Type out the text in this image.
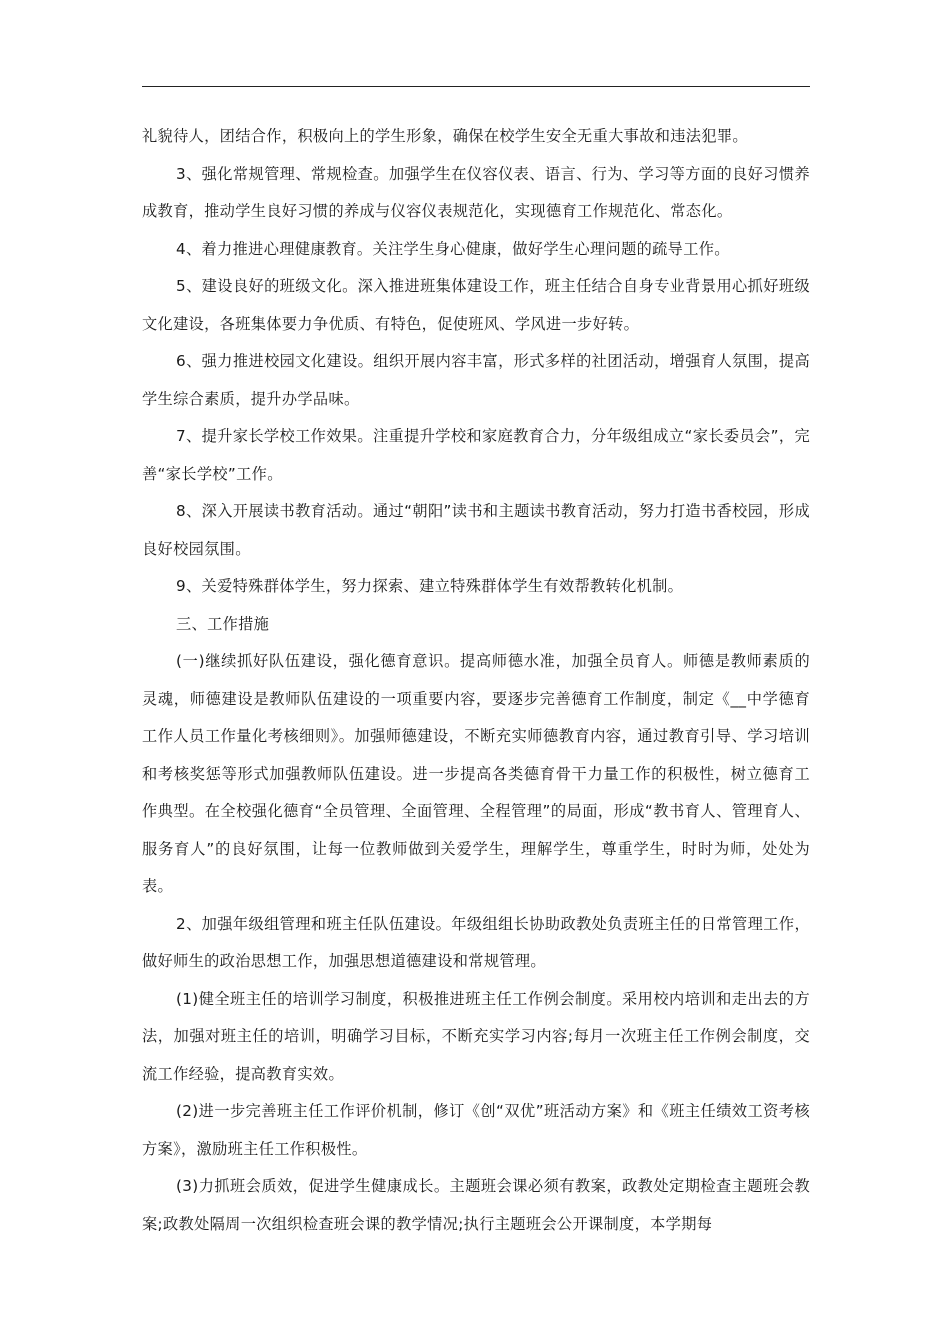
礼貌待人，团结合作，积极向上的学生形象，确保在校学生安全无重大事故和违法犯罪。

3、强化常规管理、常规检查。加强学生在仪容仪表、语言、行为、学习等方面的良好习惯养成教育，推动学生良好习惯的养成与仪容仪表规范化，实现德育工作规范化、常态化。

4、着力推进心理健康教育。关注学生身心健康，做好学生心理问题的疏导工作。

5、建设良好的班级文化。深入推进班集体建设工作，班主任结合自身专业背景用心抓好班级文化建设，各班集体要力争优质、有特色，促使班风、学风进一步好转。

6、强力推进校园文化建设。组织开展内容丰富，形式多样的社团活动，增强育人氛围，提高学生综合素质，提升办学品味。

7、提升家长学校工作效果。注重提升学校和家庭教育合力，分年级组成立“家长委员会”，完善“家长学校”工作。

8、深入开展读书教育活动。通过“朝阳”读书和主题读书教育活动，努力打造书香校园，形成良好校园氛围。

9、关爱特殊群体学生，努力探索、建立特殊群体学生有效帮教转化机制。

三、工作措施

(一)继续抓好队伍建设，强化德育意识。提高师德水准，加强全员育人。师德是教师素质的灵魂，师德建设是教师队伍建设的一项重要内容，要逐步完善德育工作制度，制定《__中学德育工作人员工作量化考核细则》。加强师德建设，不断充实师德教育内容，通过教育引导、学习培训和考核奖惩等形式加强教师队伍建设。进一步提高各类德育骨干力量工作的积极性，树立德育工作典型。在全校强化德育“全员管理、全面管理、全程管理”的局面，形成“教书育人、管理育人、服务育人”的良好氛围，让每一位教师做到关爱学生，理解学生，尊重学生，时时为师，处处为表。

2、加强年级组管理和班主任队伍建设。年级组组长协助政教处负责班主任的日常管理工作，做好师生的政治思想工作，加强思想道德建设和常规管理。

(1)健全班主任的培训学习制度，积极推进班主任工作例会制度。采用校内培训和走出去的方法，加强对班主任的培训，明确学习目标，不断充实学习内容;每月一次班主任工作例会制度，交流工作经验，提高教育实效。

(2)进一步完善班主任工作评价机制，修订《创“双优”班活动方案》和《班主任绩效工资考核方案》，激励班主任工作积极性。

(3)力抓班会质效，促进学生健康成长。主题班会课必须有教案，政教处定期检查主题班会教案;政教处隔周一次组织检查班会课的教学情况;执行主题班会公开课制度，本学期每
